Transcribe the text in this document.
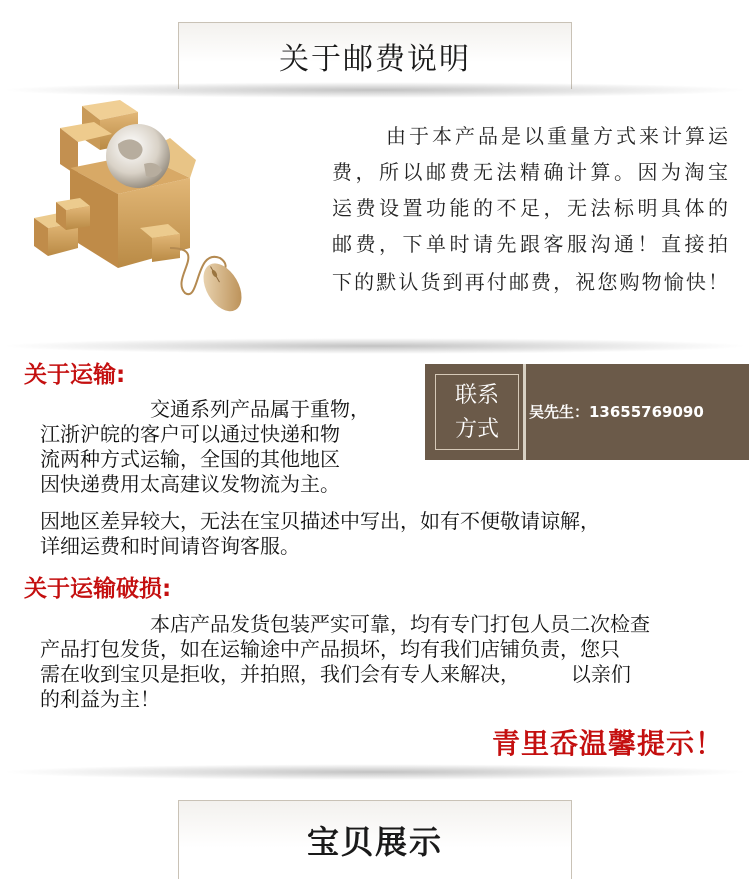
关于邮费说明
由于本产品是以重量方式来计算运
费，所以邮费无法精确计算。因为淘宝
运费设置功能的不足，无法标明具体的
邮费，下单时请先跟客服沟通！直接拍
下的默认货到再付邮费，祝您购物愉快！
关于运输:
交通系列产品属于重物，
江浙沪皖的客户可以通过快递和物
流两种方式运输，全国的其他地区
因快递费用太高建议发物流为主。
因地区差异较大，无法在宝贝描述中写出，如有不便敬请谅解，
详细运费和时间请咨询客服。
联系
方式
吴先生：13655769090
关于运输破损:
本店产品发货包装严实可靠，均有专门打包人员二次检查
产品打包发货，如在运输途中产品损坏，均有我们店铺负责，您只
需在收到宝贝是拒收，并拍照，我们会有专人来解决，        以亲们
的利益为主！
青里岙温馨提示！
宝贝展示
